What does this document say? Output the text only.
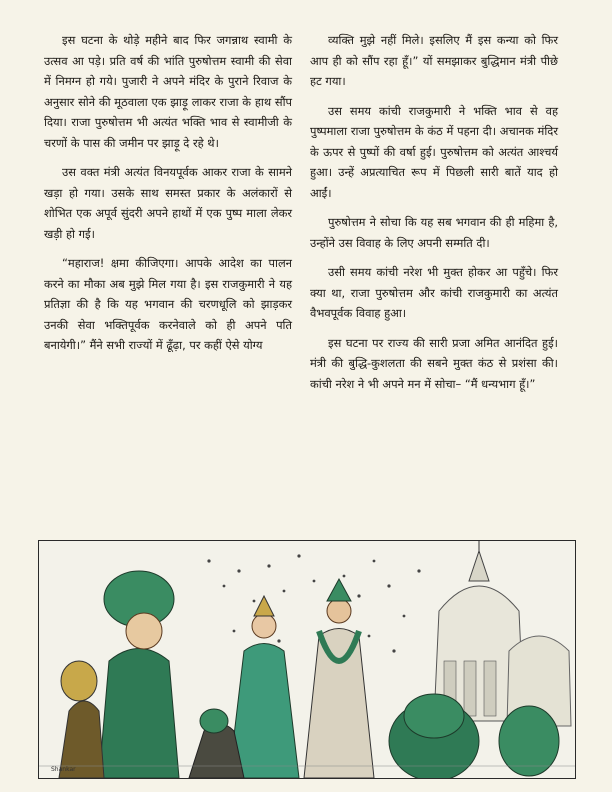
इस घटना के थोड़े महीने बाद फिर जगन्नाथ स्वामी के उत्सव आ पड़े। प्रति वर्ष की भांति पुरुषोत्तम स्वामी की सेवा में निमग्न हो गये। पुजारी ने अपने मंदिर के पुराने रिवाज के अनुसार सोने की मूठवाला एक झाड़ू लाकर राजा के हाथ सौंप दिया। राजा पुरुषोत्तम भी अत्यंत भक्ति भाव से स्वामीजी के चरणों के पास की जमीन पर झाड़ू दे रहे थे।

उस वक्त मंत्री अत्यंत विनयपूर्वक आकर राजा के सामने खड़ा हो गया। उसके साथ समस्त प्रकार के अलंकारों से शोभित एक अपूर्व सुंदरी अपने हाथों में एक पुष्प माला लेकर खड़ी हो गई।

“महाराज! क्षमा कीजिएगा। आपके आदेश का पालन करने का मौका अब मुझे मिल गया है। इस राजकुमारी ने यह प्रतिज्ञा की है कि यह भगवान की चरणधूलि को झाड़कर उनकी सेवा भक्तिपूर्वक करनेवाले को ही अपने पति बनायेगी।” मैंने सभी राज्यों में ढूँढ़ा, पर कहीं ऐसे योग्य

व्यक्ति मुझे नहीं मिले। इसलिए मैं इस कन्या को फिर आप ही को सौंप रहा हूँ।” यों समझाकर बुद्धिमान मंत्री पीछे हट गया।

उस समय कांची राजकुमारी ने भक्ति भाव से वह पुष्पमाला राजा पुरुषोत्तम के कंठ में पहना दी। अचानक मंदिर के ऊपर से पुष्पों की वर्षा हुई। पुरुषोत्तम को अत्यंत आश्चर्य हुआ। उन्हें अप्रत्याचित रूप में पिछली सारी बातें याद हो आईं।

पुरुषोत्तम ने सोचा कि यह सब भगवान की ही महिमा है, उन्होंने उस विवाह के लिए अपनी सम्मति दी।

उसी समय कांची नरेश भी मुक्त होकर आ पहुँचे। फिर क्या था, राजा पुरुषोत्तम और कांची राजकुमारी का अत्यंत वैभवपूर्वक विवाह हुआ।

इस घटना पर राज्य की सारी प्रजा अमित आनंदित हुई। मंत्री की बुद्धि-कुशलता की सबने मुक्त कंठ से प्रशंसा की। कांची नरेश ने भी अपने मन में सोचा– “मैं धन्यभाग हूँ।”

Shankar
